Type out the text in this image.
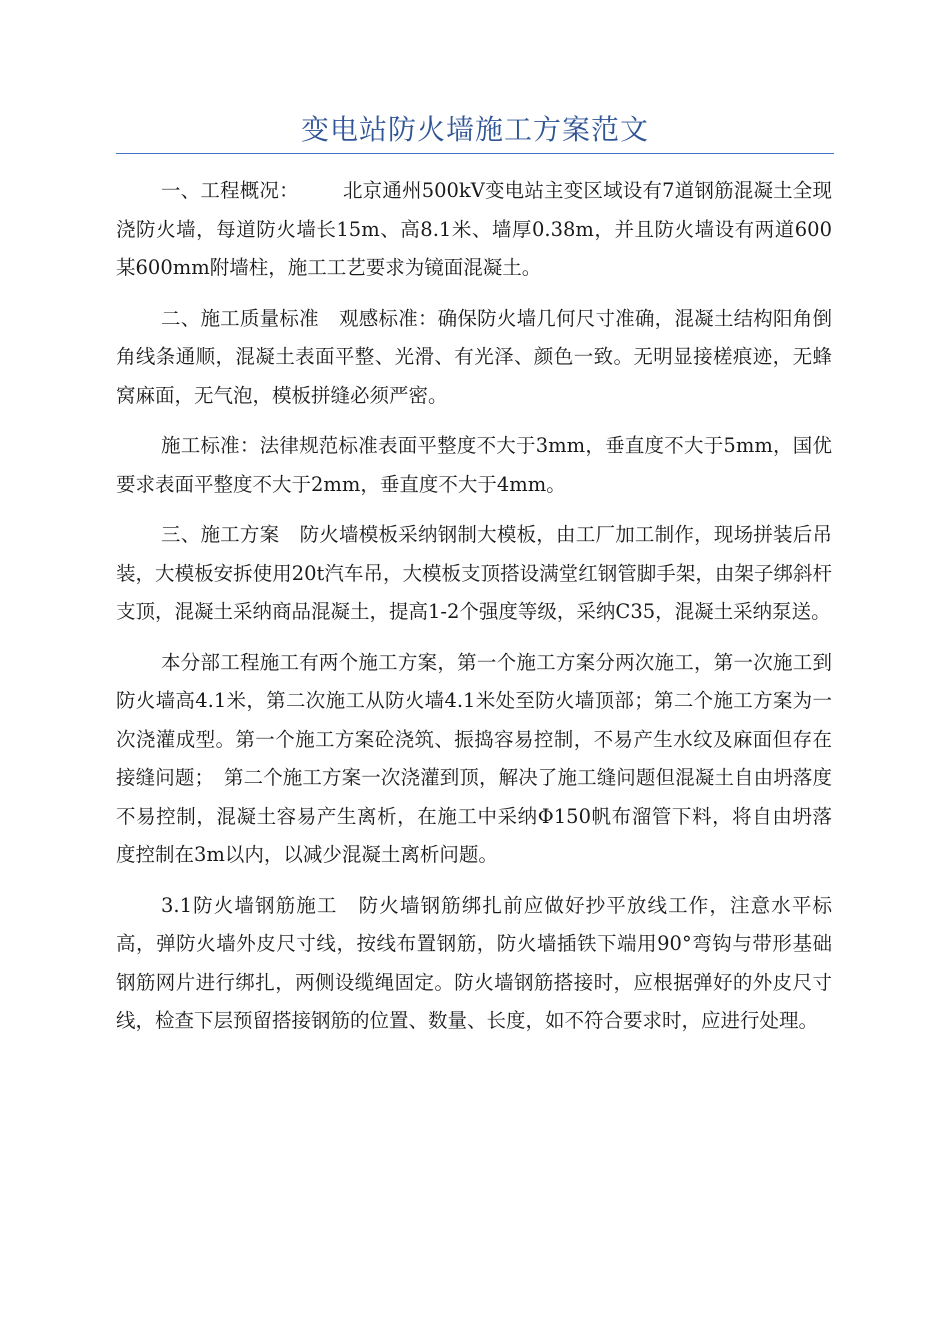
变电站防火墙施工方案范文

一、工程概况： 北京通州500kV变电站主变区域设有7道钢筋混凝土全现浇防火墙，每道防火墙长15m、高8.1米、墙厚0.38m，并且防火墙设有两道600某600mm附墙柱，施工工艺要求为镜面混凝土。

二、施工质量标准 观感标准：确保防火墙几何尺寸准确，混凝土结构阳角倒角线条通顺，混凝土表面平整、光滑、有光泽、颜色一致。无明显接槎痕迹，无蜂窝麻面，无气泡，模板拼缝必须严密。

施工标准：法律规范标准表面平整度不大于3mm，垂直度不大于5mm，国优要求表面平整度不大于2mm，垂直度不大于4mm。

三、施工方案 防火墙模板采纳钢制大模板，由工厂加工制作，现场拼装后吊装，大模板安拆使用20t汽车吊，大模板支顶搭设满堂红钢管脚手架，由架子绑斜杆支顶，混凝土采纳商品混凝土，提高1-2个强度等级，采纳C35，混凝土采纳泵送。

本分部工程施工有两个施工方案，第一个施工方案分两次施工，第一次施工到防火墙高4.1米，第二次施工从防火墙4.1米处至防火墙顶部；第二个施工方案为一次浇灌成型。第一个施工方案砼浇筑、振捣容易控制，不易产生水纹及麻面但存在接缝问题；　第二个施工方案一次浇灌到顶，解决了施工缝问题但混凝土自由坍落度不易控制，混凝土容易产生离析，在施工中采纳Φ150帆布溜管下料，将自由坍落度控制在3m以内，以减少混凝土离析问题。

3.1防火墙钢筋施工 防火墙钢筋绑扎前应做好抄平放线工作，注意水平标高，弹防火墙外皮尺寸线，按线布置钢筋，防火墙插铁下端用90°弯钩与带形基础钢筋网片进行绑扎，两侧设缆绳固定。防火墙钢筋搭接时，应根据弹好的外皮尺寸线，检查下层预留搭接钢筋的位置、数量、长度，如不符合要求时，应进行处理。
